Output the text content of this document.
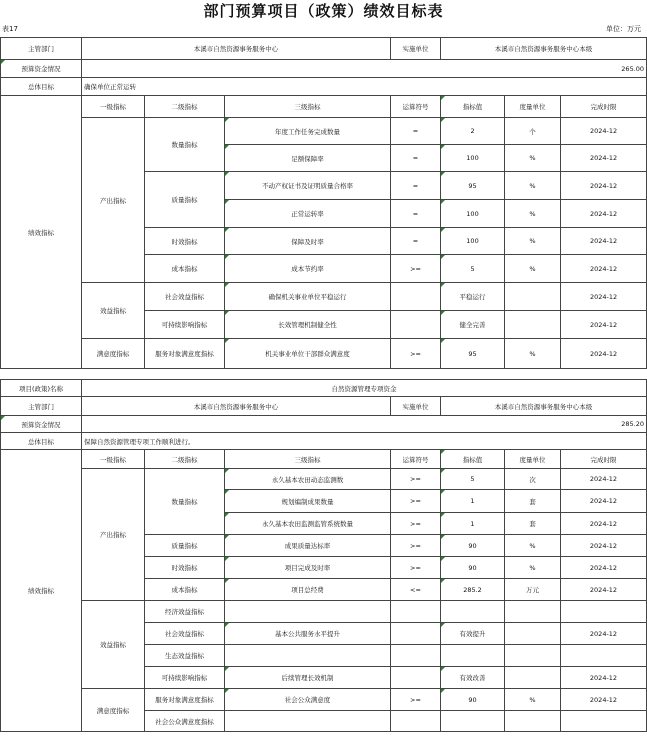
部门预算项目（政策）绩效目标表
表17	单位：万元
主管部门	本溪市自然资源事务服务中心			实施单位	本溪市自然资源事务服务中心本级		
预算资金情况	265.00						
总体目标	确保单位正常运转						
绩效指标	一级指标	二级指标	三级指标	运算符号	指标值	度量单位	完成时限
	产出指标	数量指标	年度工作任务完成数量	=	2	个	2024-12
			足额保障率	=	100	%	2024-12
		质量指标	不动产权证书及证明质量合格率	=	95	%	2024-12
			正常运转率	=	100	%	2024-12
		时效指标	保障及时率	=	100	%	2024-12
		成本指标	成本节约率	>=	5	%	2024-12
	效益指标	社会效益指标	确保机关事业单位平稳运行		平稳运行		2024-12
		可持续影响指标	长效管理机制健全性		健全完善		2024-12
	满意度指标	服务对象满意度指标	机关事业单位干部群众满意度	>=	95	%	2024-12
项目(政策)名称	自然资源管理专项资金						
主管部门	本溪市自然资源事务服务中心			实施单位	本溪市自然资源事务服务中心本级		
预算资金情况	285.20						
总体目标	保障自然资源管理专项工作顺利进行。						
绩效指标	一级指标	二级指标	三级指标	运算符号	指标值	度量单位	完成时限
	产出指标	数量指标	永久基本农田动态监测数	>=	5	次	2024-12
			规划编制成果数量	>=	1	套	2024-12
			永久基本农田监测监管系统数量	>=	1	套	2024-12
		质量指标	成果质量达标率	>=	90	%	2024-12
		时效指标	项目完成及时率	>=	90	%	2024-12
		成本指标	项目总经费	<=	285.2	万元	2024-12
	效益指标	经济效益指标					
		社会效益指标	基本公共服务水平提升		有效提升		2024-12
		生态效益指标					
		可持续影响指标	后续管理长效机制		有效改善		2024-12
	满意度指标	服务对象满意度指标	社会公众满意度	>=	90	%	2024-12
		社会公众满意度指标					
